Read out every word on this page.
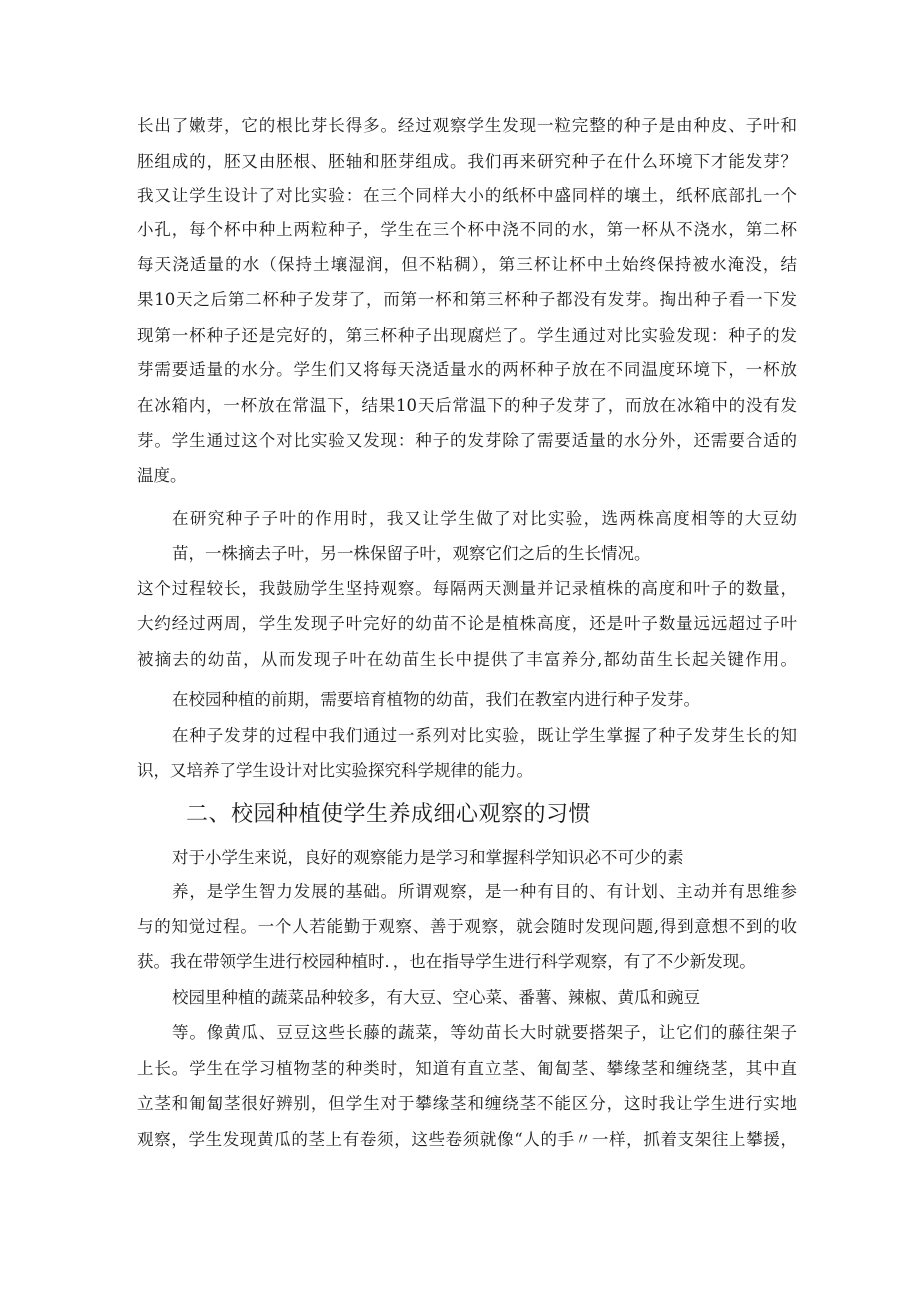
长出了嫩芽，它的根比芽长得多。经过观察学生发现一粒完整的种子是由种皮、子叶和
胚组成的，胚又由胚根、胚轴和胚芽组成。我们再来研究种子在什么环境下才能发芽？
我又让学生设计了对比实验：在三个同样大小的纸杯中盛同样的壤土，纸杯底部扎一个
小孔，每个杯中种上两粒种子，学生在三个杯中浇不同的水，第一杯从不浇水，第二杯
每天浇适量的水（保持土壤湿润，但不粘稠），第三杯让杯中土始终保持被水淹没，结
果10天之后第二杯种子发芽了，而第一杯和第三杯种子都没有发芽。掏出种子看一下发
现第一杯种子还是完好的，第三杯种子出现腐烂了。学生通过对比实验发现：种子的发
芽需要适量的水分。学生们又将每天浇适量水的两杯种子放在不同温度环境下，一杯放
在冰箱内，一杯放在常温下，结果10天后常温下的种子发芽了，而放在冰箱中的没有发
芽。学生通过这个对比实验又发现：种子的发芽除了需要适量的水分外，还需要合适的
温度。
在研究种子子叶的作用时，我又让学生做了对比实验，选两株高度相等的大豆幼
苗，一株摘去子叶，另一株保留子叶，观察它们之后的生长情况。
这个过程较长，我鼓励学生坚持观察。每隔两天测量并记录植株的高度和叶子的数量，
大约经过两周，学生发现子叶完好的幼苗不论是植株高度，还是叶子数量远远超过子叶
被摘去的幼苗，从而发现子叶在幼苗生长中提供了丰富养分,都幼苗生长起关键作用。
在校园种植的前期，需要培育植物的幼苗，我们在教室内进行种子发芽。
在种子发芽的过程中我们通过一系列对比实验，既让学生掌握了种子发芽生长的知
识，又培养了学生设计对比实验探究科学规律的能力。
二、校园种植使学生养成细心观察的习惯
对于小学生来说，良好的观察能力是学习和掌握科学知识必不可少的素
养，是学生智力发展的基础。所谓观察，是一种有目的、有计划、主动并有思维参
与的知觉过程。一个人若能勤于观察、善于观察，就会随时发现问题,得到意想不到的收
获。我在带领学生进行校园种植时．，也在指导学生进行科学观察，有了不少新发现。
校园里种植的蔬菜品种较多，有大豆、空心菜、番薯、辣椒、黄瓜和豌豆
等。像黄瓜、豆豆这些长藤的蔬菜，等幼苗长大时就要搭架子，让它们的藤往架子
上长。学生在学习植物茎的种类时，知道有直立茎、匍匐茎、攀缘茎和缠绕茎，其中直
立茎和匍匐茎很好辨别，但学生对于攀缘茎和缠绕茎不能区分，这时我让学生进行实地
观察，学生发现黄瓜的茎上有卷须，这些卷须就像“人的手〃一样，抓着支架往上攀援，
